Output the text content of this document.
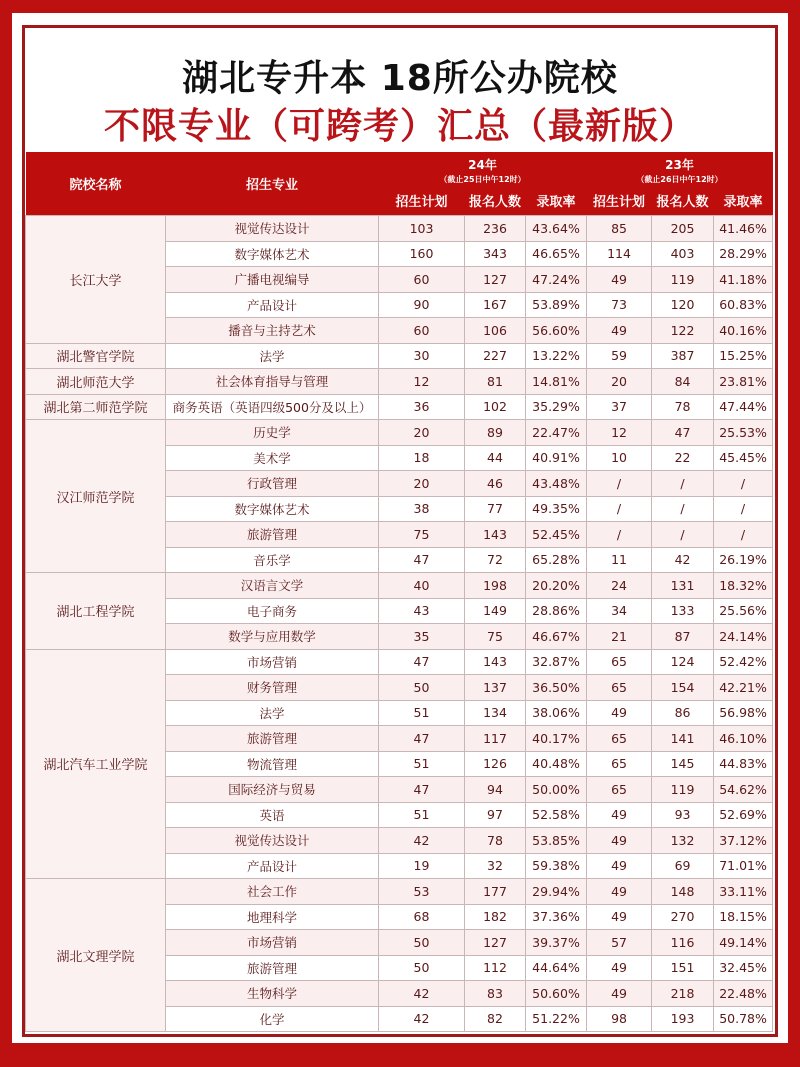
湖北专升本 18所公办院校
不限专业（可跨考）汇总（最新版）
院校名称	招生专业	24年			23年		
		（截止25日中午12时）			（截止26日中午12时）		
		招生计划	报名人数	录取率	招生计划	报名人数	录取率
长江大学	视觉传达设计	103	236	43.64%	85	205	41.46%
	数字媒体艺术	160	343	46.65%	114	403	28.29%
	广播电视编导	60	127	47.24%	49	119	41.18%
	产品设计	90	167	53.89%	73	120	60.83%
	播音与主持艺术	60	106	56.60%	49	122	40.16%
湖北警官学院	法学	30	227	13.22%	59	387	15.25%
湖北师范大学	社会体育指导与管理	12	81	14.81%	20	84	23.81%
湖北第二师范学院	商务英语（英语四级500分及以上）	36	102	35.29%	37	78	47.44%
汉江师范学院	历史学	20	89	22.47%	12	47	25.53%
	美术学	18	44	40.91%	10	22	45.45%
	行政管理	20	46	43.48%	/	/	/
	数字媒体艺术	38	77	49.35%	/	/	/
	旅游管理	75	143	52.45%	/	/	/
	音乐学	47	72	65.28%	11	42	26.19%
湖北工程学院	汉语言文学	40	198	20.20%	24	131	18.32%
	电子商务	43	149	28.86%	34	133	25.56%
	数学与应用数学	35	75	46.67%	21	87	24.14%
湖北汽车工业学院	市场营销	47	143	32.87%	65	124	52.42%
	财务管理	50	137	36.50%	65	154	42.21%
	法学	51	134	38.06%	49	86	56.98%
	旅游管理	47	117	40.17%	65	141	46.10%
	物流管理	51	126	40.48%	65	145	44.83%
	国际经济与贸易	47	94	50.00%	65	119	54.62%
	英语	51	97	52.58%	49	93	52.69%
	视觉传达设计	42	78	53.85%	49	132	37.12%
	产品设计	19	32	59.38%	49	69	71.01%
湖北文理学院	社会工作	53	177	29.94%	49	148	33.11%
	地理科学	68	182	37.36%	49	270	18.15%
	市场营销	50	127	39.37%	57	116	49.14%
	旅游管理	50	112	44.64%	49	151	32.45%
	生物科学	42	83	50.60%	49	218	22.48%
	化学	42	82	51.22%	98	193	50.78%
